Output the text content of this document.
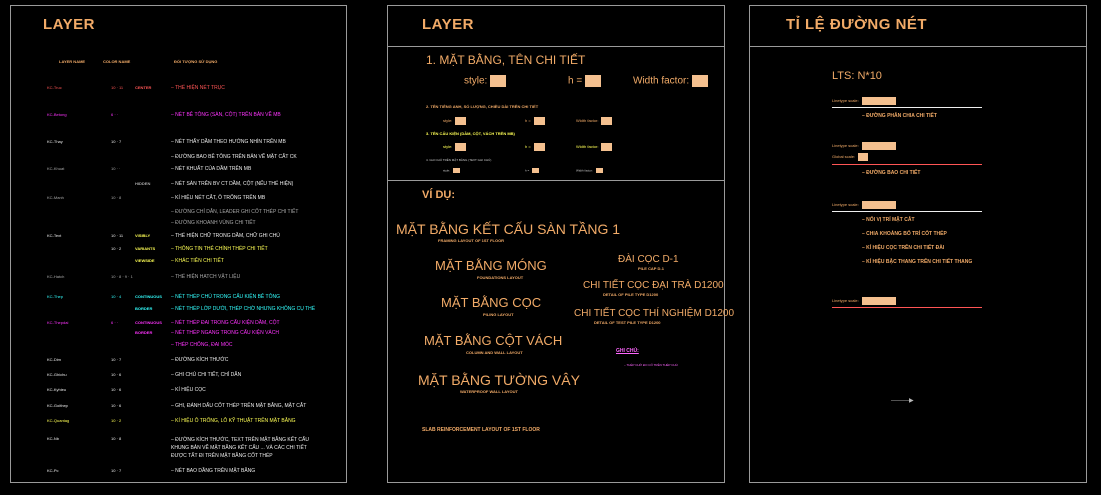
LAYER
LAYER NAME	COLOR NAME	ĐỐI TƯỢNG SỬ DỤNG
KC-Truc	10 · 11	CENTER	– THỂ HIỆN NÉT TRỤC
KC-Betong	6 · ·	– NÉT BÊ TÔNG (SÀN, CỘT) TRÊN BẢN VẼ MB
KC-Thay	10 · 7	– NÉT THẤY DẦM THEO HƯỚNG NHÌN TRÊN MB
– ĐƯỜNG BAO BÊ TÔNG TRÊN BẢN VẼ MẶT CẮT CK
KC-Khuat	10 · ·	– NÉT KHUẤT CỦA DẦM TRÊN MB
HIDDEN	– NÉT SÀN TRÊN BV CT DẦM, CỘT (NẾU THỂ HIỆN)
KC-Manh	10 · 8	– KÍ HIỆU NÉT CẮT, Ô TRỐNG TRÊN MB
– ĐƯỜNG CHỈ DẪN, LEADER GHI CỐT THÉP CHI TIẾT
– ĐƯỜNG KHOANH VÙNG CHI TIẾT
KC-Text	10 · 11	VISIBLY	– THỂ HIỆN CHỮ TRONG DẦM, CHỮ GHI CHÚ
10 · 2	VARIANTS	– THÔNG TIN THẺ CHÍNH THÉP CHI TIẾT
VIEWSIDE	– KHÁC TIÊN CHI TIẾT
KC-Hatch	10 · 8 · 9 · 1	– THỂ HIỆN HATCH VẬT LIỆU
KC-Thep	10 · 4	CONTINUOUS – NÉT THÉP CHỦ TRONG CẤU KIỆN BÊ TÔNG
BORDER	– NÉT THÉP LỚP DƯỚI, THÉP CHỜ NHƯNG KHÔNG CỤ THỂ
KC-Thepdai	6 · ·	CONTINUOUS – NÉT THÉP ĐAI TRONG CẤU KIỆN DẦM, CỘT
BORDER	– NÉT THÉP NGANG TRONG CẤU KIỆN VÁCH
– THÉP CHỐNG, ĐAI MÓC
KC-Dim	10 · 7	– ĐƯỜNG KÍCH THƯỚC
KC-Ghichu	10 · 6	– GHI CHÚ CHI TIẾT, CHỈ DẪN
KC-Kyhieu	10 · 6	– KÍ HIỆU CỌC
KC-Goithep	10 · 6	– GHI, ĐÁNH DẤU CỐT THÉP TRÊN MẶT BẰNG, MẶT CẮT
KC-Quantag	10 · 2	– KÍ HIỆU Ô TRỐNG, LỖ KỸ THUẬT TRÊN MẶT BẰNG
KC-Nb	10 · 8	– ĐƯỜNG KÍCH THƯỚC, TEXT TRÊN MẶT BẰNG KẾT CẤU
KHUNG BẢN VẼ MẶT BẰNG KẾT CẤU ... VÀ CÁC CHI TIẾT
ĐƯỢC TẤT ĐI TRÊN MẶT BẰNG CỐT THÉP
KC-Pc	10 · 7	– NÉT BAO DẦNG TRÊN MẶT BẰNG
LAYER
1. MẶT BẰNG, TÊN CHI TIẾT
style:	h =	Width factor:
2. TÊN TIÊNG ANH, SỐ LƯỢNG, CHIỀU DÀI TRÊN CHI TIẾT
style:	h =	Width factor:
3. TÊN CẤU KIỆN (DẦM, CỘT, VÁCH TRÊN MB)
style:	h =	Width factor:
4. GHI CHÚ TRÊN MẶT BẰNG (TEXT GHI CHÚ)
style:	h =	Width factor:
VÍ DỤ:
MẶT BẰNG KẾT CẤU SÀN TẦNG 1
FRAMING LAYOUT OF 1ST FLOOR
MẶT BẰNG MÓNG
FOUNDATIONS LAYOUT
MẶT BẰNG CỌC
PILING LAYOUT
MẶT BẰNG CỘT VÁCH
COLUMN AND WALL LAYOUT
MẶT BẰNG TƯỜNG VÂY
WATERPROOF WALL LAYOUT
ĐÀI CỌC D-1
PILE CAP D-1
CHI TIẾT CỌC ĐẠI TRÀ D1200
DETAIL OF PILE TYPE D1200
CHI TIẾT CỌC THÍ NGHIỆM D1200
DETAIL OF TEST PILE TYPE D1200
GHI CHÚ:
– THÉP CHỜ ĐO CỐ TRÊN THÉP CHỦ
SLAB REINFORCEMENT LAYOUT OF 1ST FLOOR
TỈ LỆ ĐƯỜNG NÉT
LTS: N*10
Linetype scale:
– ĐƯỜNG PHÂN CHIA CHI TIẾT
Linetype scale:
Global scale:
– ĐƯỜNG BAO CHI TIẾT
Linetype scale:
– NỐI VỊ TRÍ MẶT CẮT
– CHIA KHOẢNG BỐ TRÍ CỐT THÉP
– KÍ HIỆU CỌC TRÊN CHI TIẾT ĐÀI
– KÍ HIỆU BẬC THANG TRÊN CHI TIẾT THANG
Linetype scale:
———▶
